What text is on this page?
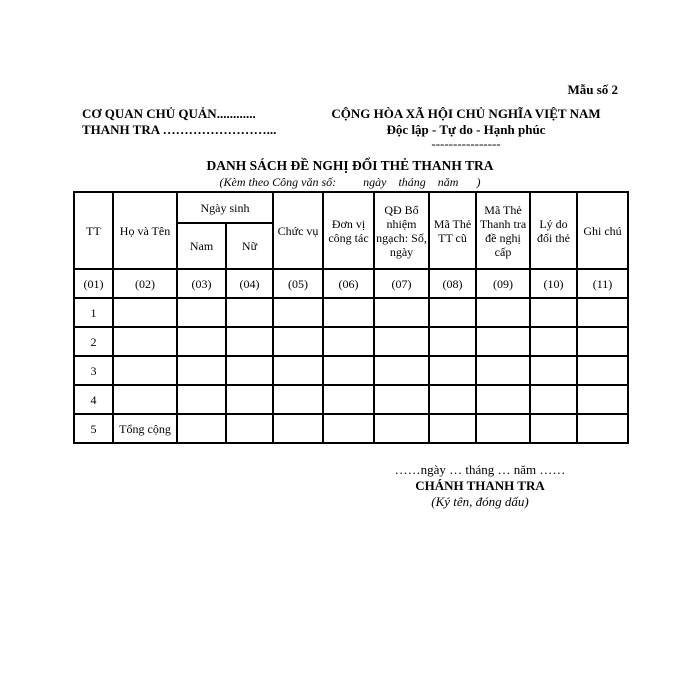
Mẫu số 2
CƠ QUAN CHỦ QUẢN............
THANH TRA ……………………...
CỘNG HÒA XÃ HỘI CHỦ NGHĨA VIỆT NAM
Độc lập - Tự do - Hạnh phúc
----------------
DANH SÁCH ĐỀ NGHỊ ĐỔI THẺ THANH TRA
(Kèm theo Công văn số:         ngày    tháng    năm      )
TT	Họ và Tên	Ngày sinh		Chức vụ	Đơn vị công tác	QĐ Bổ nhiệm ngạch: Số, ngày	Mã Thẻ TT cũ	Mã Thẻ Thanh tra đề nghị cấp	Lý do đổi thẻ	Ghi chú
		Nam	Nữ							
(01)	(02)	(03)	(04)	(05)	(06)	(07)	(08)	(09)	(10)	(11)
1										
2										
3										
4										
5	Tổng cộng									
……ngày … tháng … năm ……
CHÁNH THANH TRA
(Ký tên, đóng dấu)
